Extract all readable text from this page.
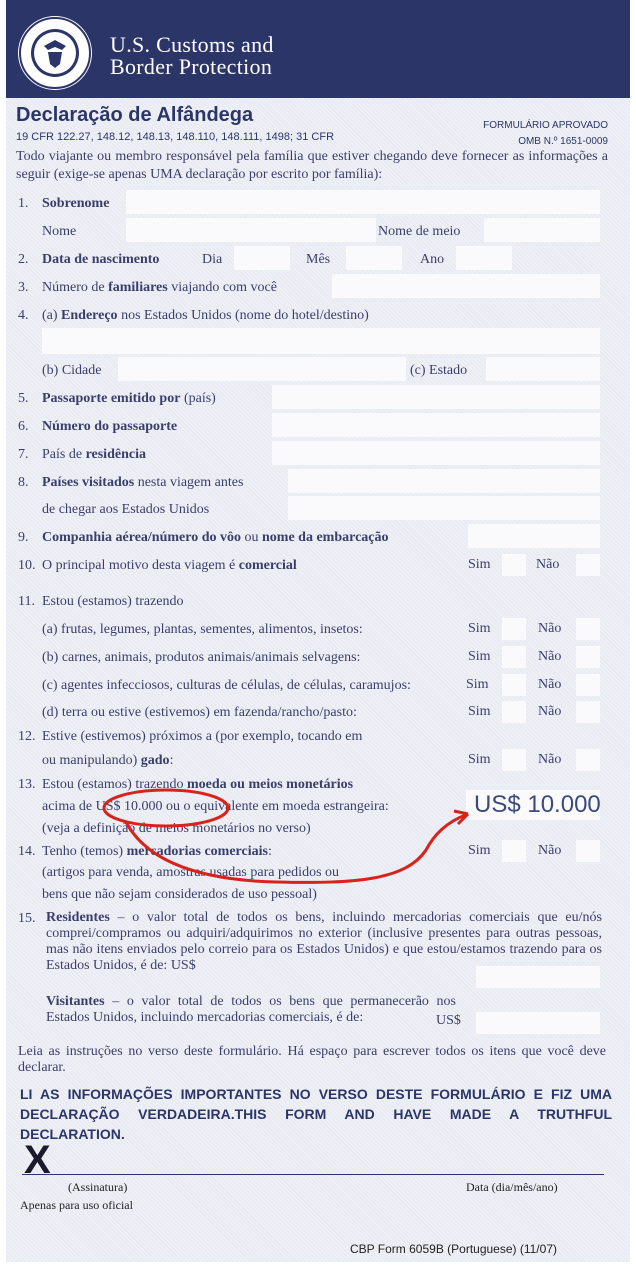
U.S. Customs and
Border Protection
Declaração de Alfândega	FORMULÁRIO APROVADO
OMB N.º 1651-0009
19 CFR 122.27, 148.12, 148.13, 148.110, 148.111, 1498; 31 CFR
Todo viajante ou membro responsável pela família que estiver chegando deve fornecer as informações a seguir (exige-se apenas UMA declaração por escrito por família):
1. Sobrenome
Nome	Nome de meio
2. Data de nascimento	Dia	Mês	Ano
3. Número de familiares viajando com você
4. (a) Endereço nos Estados Unidos (nome do hotel/destino)
(b) Cidade	(c) Estado
5. Passaporte emitido por (país)
6. Número do passaporte
7. País de residência
8. Países visitados nesta viagem antes
de chegar aos Estados Unidos
9. Companhia aérea/número do vôo ou nome da embarcação
10. O principal motivo desta viagem é comercial	Sim	Não
11. Estou (estamos) trazendo
(a) frutas, legumes, plantas, sementes, alimentos, insetos:	Sim	Não
(b) carnes, animais, produtos animais/animais selvagens:	Sim	Não
(c) agentes infecciosos, culturas de células, de células, caramujos:	Sim	Não
(d) terra ou estive (estivemos) em fazenda/rancho/pasto:	Sim	Não
12. Estive (estivemos) próximos a (por exemplo, tocando em
ou manipulando) gado:	Sim	Não
13. Estou (estamos) trazendo moeda ou meios monetários
acima de US$ 10.000 ou o equivalente em moeda estrangeira:
(veja a definição de meios monetários no verso)
US$ 10.000
14. Tenho (temos) mercadorias comerciais:
(artigos para venda, amostras usadas para pedidos ou
bens que não sejam considerados de uso pessoal)
Sim	Não
15. Residentes – o valor total de todos os bens, incluindo mercadorias comerciais que eu/nós comprei/compramos ou adquiri/adquirimos no exterior (inclusive presentes para outras pessoas, mas não itens enviados pelo correio para os Estados Unidos) e que estou/estamos trazendo para os Estados Unidos, é de: US$
Visitantes – o valor total de todos os bens que permanecerão nos Estados Unidos, incluindo mercadorias comerciais, é de:	US$
Leia as instruções no verso deste formulário. Há espaço para escrever todos os itens que você deve declarar.
LI AS INFORMAÇÕES IMPORTANTES NO VERSO DESTE FORMULÁRIO E FIZ UMA DECLARAÇÃO VERDADEIRA.THIS FORM AND HAVE MADE A TRUTHFUL DECLARATION.
X
(Assinatura)	Data (dia/mês/ano)
Apenas para uso oficial
CBP Form 6059B (Portuguese) (11/07)
